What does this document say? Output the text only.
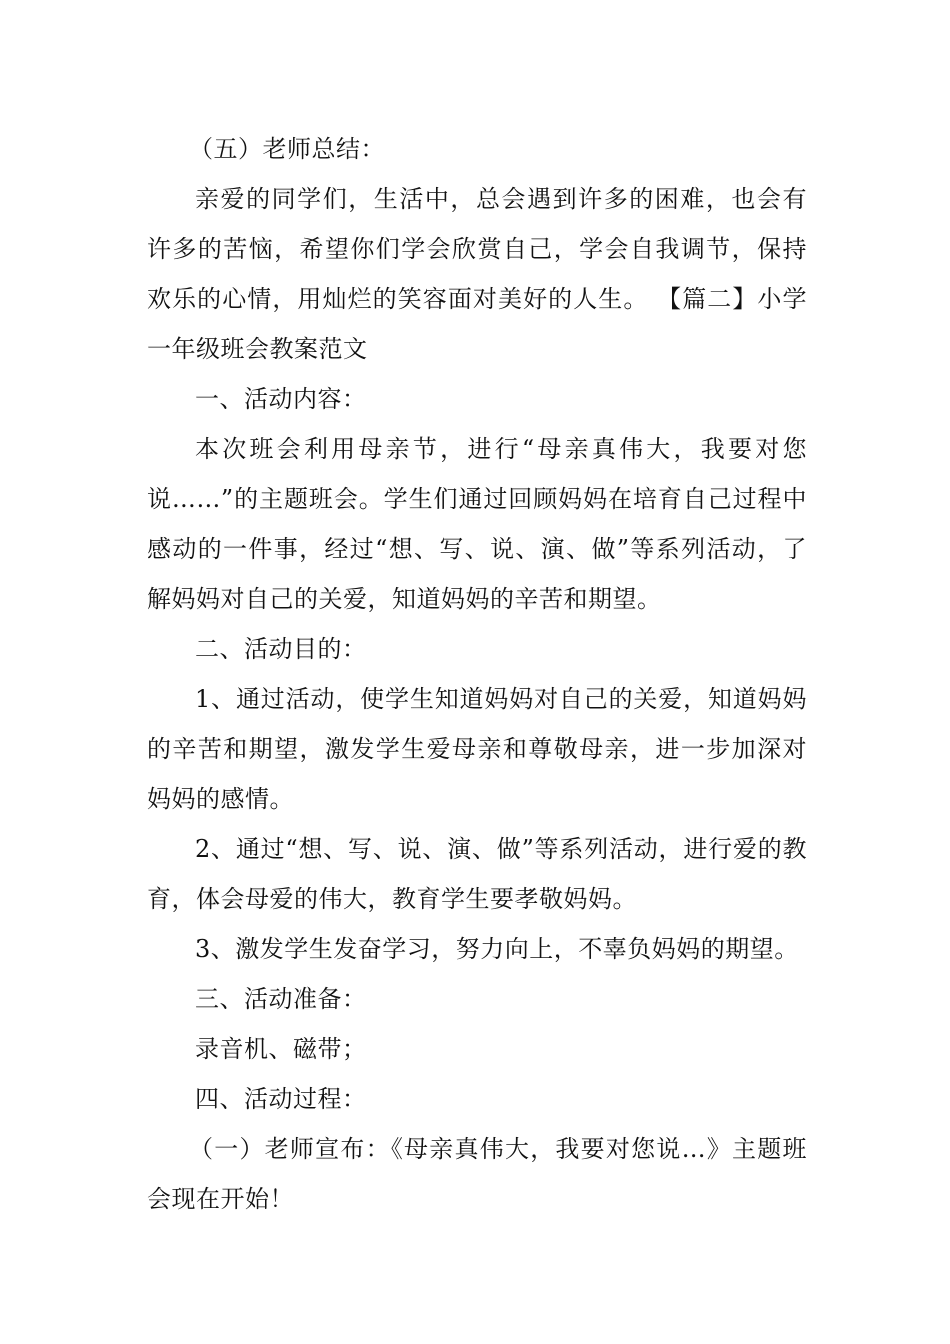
（五）老师总结：

亲爱的同学们，生活中，总会遇到许多的困难，也会有许多的苦恼，希望你们学会欣赏自己，学会自我调节，保持欢乐的心情，用灿烂的笑容面对美好的人生。 【篇二】小学一年级班会教案范文

一、活动内容：

本次班会利用母亲节，进行“母亲真伟大，我要对您说……”的主题班会。学生们通过回顾妈妈在培育自己过程中感动的一件事，经过“想、写、说、演、做”等系列活动，了解妈妈对自己的关爱，知道妈妈的辛苦和期望。

二、活动目的：

1、通过活动，使学生知道妈妈对自己的关爱，知道妈妈的辛苦和期望，激发学生爱母亲和尊敬母亲，进一步加深对妈妈的感情。

2、通过“想、写、说、演、做”等系列活动，进行爱的教育，体会母爱的伟大，教育学生要孝敬妈妈。

3、激发学生发奋学习，努力向上，不辜负妈妈的期望。

三、活动准备：

录音机、磁带；

四、活动过程：

（一）老师宣布：《母亲真伟大，我要对您说…》主题班会现在开始！
